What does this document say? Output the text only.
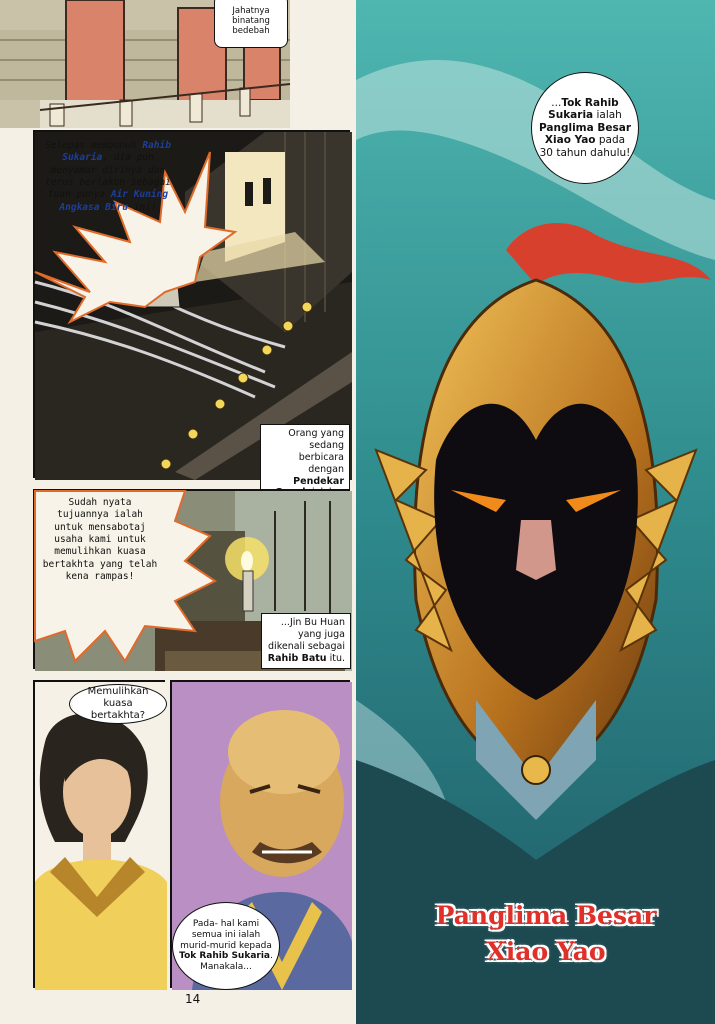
Jahatnya binatang bedebah
Selepas membunuh Rahib Sukaria, dia pun menyamar dirinya dan terus berlakon sebagai tuan punya Air Kuning Angkasa Biru ini!
Orang yang sedang berbicara dengan Pendekar
Sudah nyata tujuannya ialah untuk mensabotaj usaha kami untuk memulihkan kuasa bertakhta yang telah kena rampas!
...Jin Bu Huan yang juga dikenali sebagai Rahib Batu itu.
Memulihkan kuasa bertakhta?
Pada- hal kami semua ini ialah murid-murid kepada Tok Rahib Sukaria. Manakala...
14
...Tok Rahib Sukaria ialah Panglima Besar Xiao Yao pada 30 tahun dahulu!
Panglima Besar
Xiao Yao
